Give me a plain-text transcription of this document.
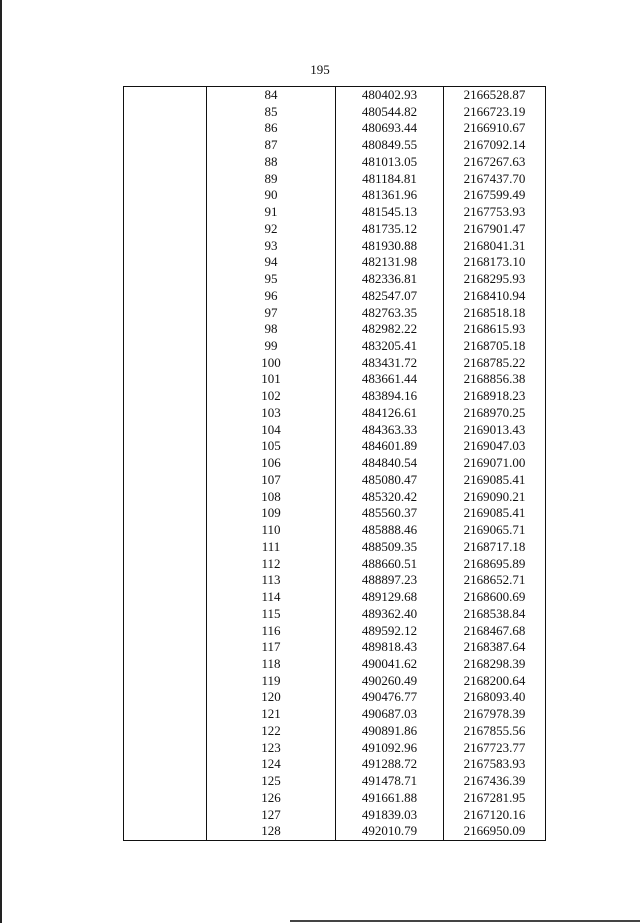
195
	84	480402.93	2166528.87
	85	480544.82	2166723.19
	86	480693.44	2166910.67
	87	480849.55	2167092.14
	88	481013.05	2167267.63
	89	481184.81	2167437.70
	90	481361.96	2167599.49
	91	481545.13	2167753.93
	92	481735.12	2167901.47
	93	481930.88	2168041.31
	94	482131.98	2168173.10
	95	482336.81	2168295.93
	96	482547.07	2168410.94
	97	482763.35	2168518.18
	98	482982.22	2168615.93
	99	483205.41	2168705.18
	100	483431.72	2168785.22
	101	483661.44	2168856.38
	102	483894.16	2168918.23
	103	484126.61	2168970.25
	104	484363.33	2169013.43
	105	484601.89	2169047.03
	106	484840.54	2169071.00
	107	485080.47	2169085.41
	108	485320.42	2169090.21
	109	485560.37	2169085.41
	110	485888.46	2169065.71
	111	488509.35	2168717.18
	112	488660.51	2168695.89
	113	488897.23	2168652.71
	114	489129.68	2168600.69
	115	489362.40	2168538.84
	116	489592.12	2168467.68
	117	489818.43	2168387.64
	118	490041.62	2168298.39
	119	490260.49	2168200.64
	120	490476.77	2168093.40
	121	490687.03	2167978.39
	122	490891.86	2167855.56
	123	491092.96	2167723.77
	124	491288.72	2167583.93
	125	491478.71	2167436.39
	126	491661.88	2167281.95
	127	491839.03	2167120.16
	128	492010.79	2166950.09
